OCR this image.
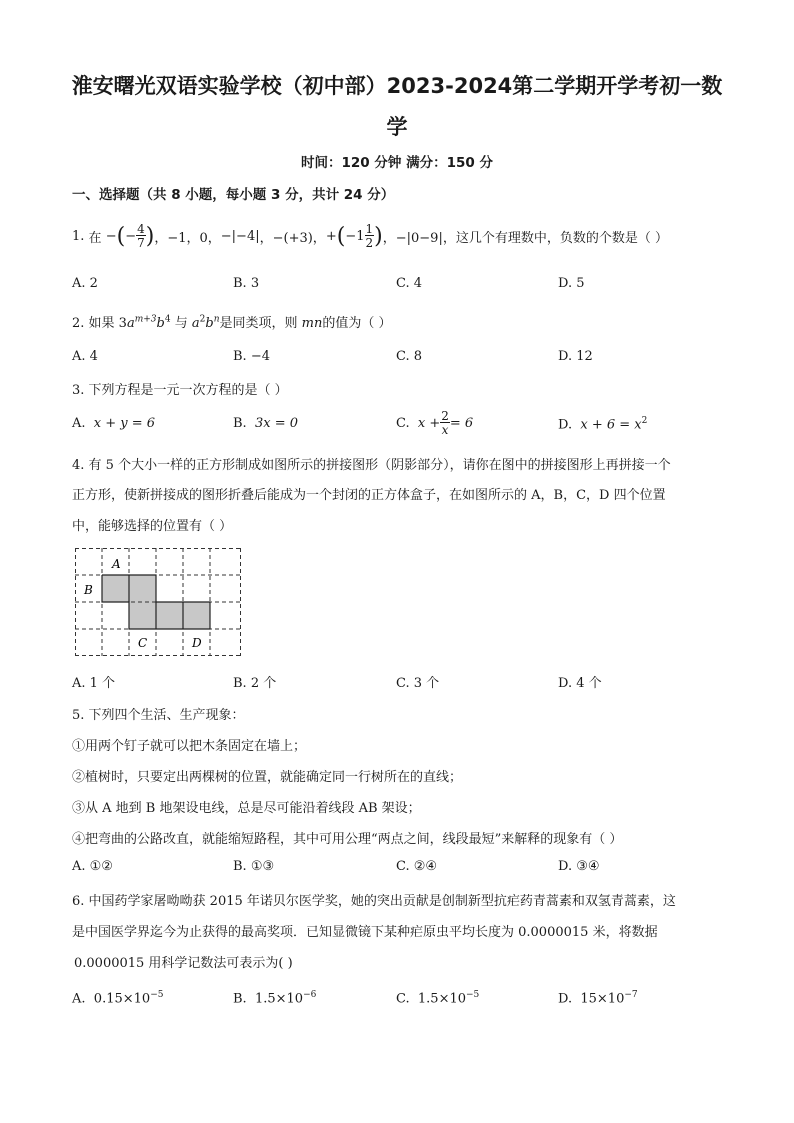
淮安曙光双语实验学校（初中部）2023-2024第二学期开学考初一数
学
时间：120 分钟 满分：150 分
一、选择题（共 8 小题，每小题 3 分，共计 24 分）
1.
在
− ( − $\frac{4}{7}$ ) ，−1，0， −|−4| ，−(+3)， + ( − $1 \frac{1}{2}$ ) ，−|0−9| ，这几个有理数中，负数的个数是（ ）
A. 2	B. 3	C. 4	D. 5
2. 如果 $3a^{m+3}b^4$ 与 $a^2b^n$是同类项，则 mn的值为（ ）
A. 4	B. −4	C. 8	D. 12
3. 下列方程是一元一次方程的是（ ）
A. x + y = 6	B. 3x = 0	C.
$x + \frac{2}{x} = 6$	D. $x + 6 = x^2$
4. 有 5 个大小一样的正方形制成如图所示的拼接图形（阴影部分），请你在图中的拼接图形上再拼接一个
正方形，使新拼接成的图形折叠后能成为一个封闭的正方体盒子，在如图所示的 A，B，C，D 四个位置
中，能够选择的位置有（ ）
A
B
C	D
A. 1 个	B. 2 个	C. 3 个	D. 4 个
5. 下列四个生活、生产现象：
①用两个钉子就可以把木条固定在墙上；
②植树时，只要定出两棵树的位置，就能确定同一行树所在的直线；
③从 A 地到 B 地架设电线，总是尽可能沿着线段 AB 架设；
④把弯曲的公路改直，就能缩短路程，其中可用公理“两点之间，线段最短”来解释的现象有（ ）
A. ①②	B. ①③	C. ②④	D. ③④
6. 中国药学家屠呦呦获 2015 年诺贝尔医学奖，她的突出贡献是创制新型抗疟药青蒿素和双氢青蒿素，这
是中国医学界迄今为止获得的最高奖项．已知显微镜下某种疟原虫平均长度为 0.0000015 米，将数据
0.0000015 用科学记数法可表示为( )
A. $0.15\times 10^{-5}$	B. $1.5\times 10^{-6}$	C. $1.5\times 10^{-5}$	D. $15\times 10^{-7}$
